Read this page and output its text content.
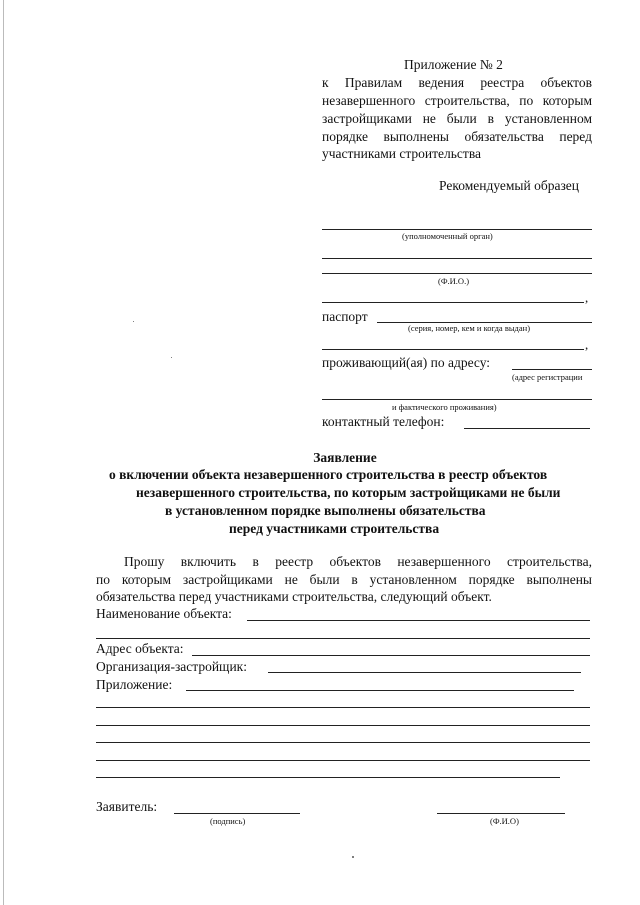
Приложение № 2
к Правилам ведения реестра объектов
незавершенного строительства, по которым
застройщиками не были в установленном
порядке выполнены обязательства перед
участниками строительства
Рекомендуемый образец
(уполномоченный орган)
(Ф.И.О.)
,
паспорт
(серия, номер, кем и когда выдан)
,
проживающий(ая) по адресу:
(адрес регистрации
и фактического проживания)
контактный телефон:
Заявление
о включении объекта незавершенного строительства в реестр объектов
незавершенного строительства, по которым застройщиками не были
в установленном порядке выполнены обязательства
перед участниками строительства
Прошу включить в реестр объектов незавершенного строительства,
по которым застройщиками не были в установленном порядке выполнены
обязательства перед участниками строительства, следующий объект.
Наименование объекта:
Адрес объекта:
Организация-застройщик:
Приложение:
Заявитель:
(подпись)	(Ф.И.О)
